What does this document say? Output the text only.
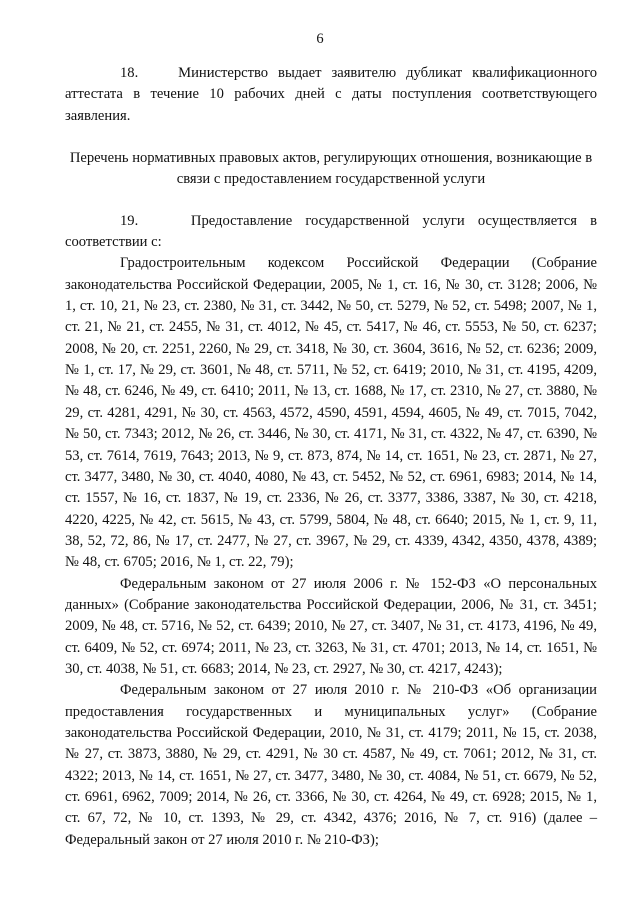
6

18.    Министерство выдает заявителю дубликат квалификационного аттестата в течение 10 рабочих дней с даты поступления соответствующего заявления.

Перечень нормативных правовых актов, регулирующих отношения, возникающие в связи с предоставлением государственной услуги

19.    Предоставление государственной услуги осуществляется в соответствии с:

Градостроительным кодексом Российской Федерации (Собрание законодательства Российской Федерации, 2005, № 1, ст. 16, № 30, ст. 3128; 2006, № 1, ст. 10, 21, № 23, ст. 2380, № 31, ст. 3442, № 50, ст. 5279, № 52, ст. 5498; 2007, № 1, ст. 21, № 21, ст. 2455, № 31, ст. 4012, № 45, ст. 5417, № 46, ст. 5553, № 50, ст. 6237; 2008, № 20, ст. 2251, 2260, № 29, ст. 3418, № 30, ст. 3604, 3616, № 52, ст. 6236; 2009, № 1, ст. 17, № 29, ст. 3601, № 48, ст. 5711, № 52, ст. 6419; 2010, № 31, ст. 4195, 4209, № 48, ст. 6246, № 49, ст. 6410; 2011, № 13, ст. 1688, № 17, ст. 2310, № 27, ст. 3880, № 29, ст. 4281, 4291, № 30, ст. 4563, 4572, 4590, 4591, 4594, 4605, № 49, ст. 7015, 7042, № 50, ст. 7343; 2012, № 26, ст. 3446, № 30, ст. 4171, № 31, ст. 4322, № 47, ст. 6390, № 53, ст. 7614, 7619, 7643; 2013, № 9, ст. 873, 874, № 14, ст. 1651, № 23, ст. 2871, № 27, ст. 3477, 3480, № 30, ст. 4040, 4080, № 43, ст. 5452, № 52, ст. 6961, 6983; 2014, № 14, ст. 1557, № 16, ст. 1837, № 19, ст. 2336, № 26, ст. 3377, 3386, 3387, № 30, ст. 4218, 4220, 4225, № 42, ст. 5615, № 43, ст. 5799, 5804, № 48, ст. 6640; 2015, № 1, ст. 9, 11, 38, 52, 72, 86, № 17, ст. 2477, № 27, ст. 3967, № 29, ст. 4339, 4342, 4350, 4378, 4389; № 48, ст. 6705; 2016, № 1, ст. 22, 79);

Федеральным законом от 27 июля 2006 г. № 152-ФЗ «О персональных данных» (Собрание законодательства Российской Федерации, 2006, № 31, ст. 3451; 2009, № 48, ст. 5716, № 52, ст. 6439; 2010, № 27, ст. 3407, № 31, ст. 4173, 4196, № 49, ст. 6409, № 52, ст. 6974; 2011, № 23, ст. 3263, № 31, ст. 4701; 2013, № 14, ст. 1651, № 30, ст. 4038, № 51, ст. 6683; 2014, № 23, ст. 2927, № 30, ст. 4217, 4243);

Федеральным законом от 27 июля 2010 г. № 210-ФЗ «Об организации предоставления государственных и муниципальных услуг» (Собрание законодательства Российской Федерации, 2010, № 31, ст. 4179; 2011, № 15, ст. 2038, № 27, ст. 3873, 3880, № 29, ст. 4291, № 30 ст. 4587, № 49, ст. 7061; 2012, № 31, ст. 4322; 2013, № 14, ст. 1651, № 27, ст. 3477, 3480, № 30, ст. 4084, № 51, ст. 6679, № 52, ст. 6961, 6962, 7009; 2014, № 26, ст. 3366, № 30, ст. 4264, № 49, ст. 6928; 2015, № 1, ст. 67, 72, № 10, ст. 1393, № 29, ст. 4342, 4376; 2016, № 7, ст. 916) (далее – Федеральный закон от 27 июля 2010 г. № 210-ФЗ);
